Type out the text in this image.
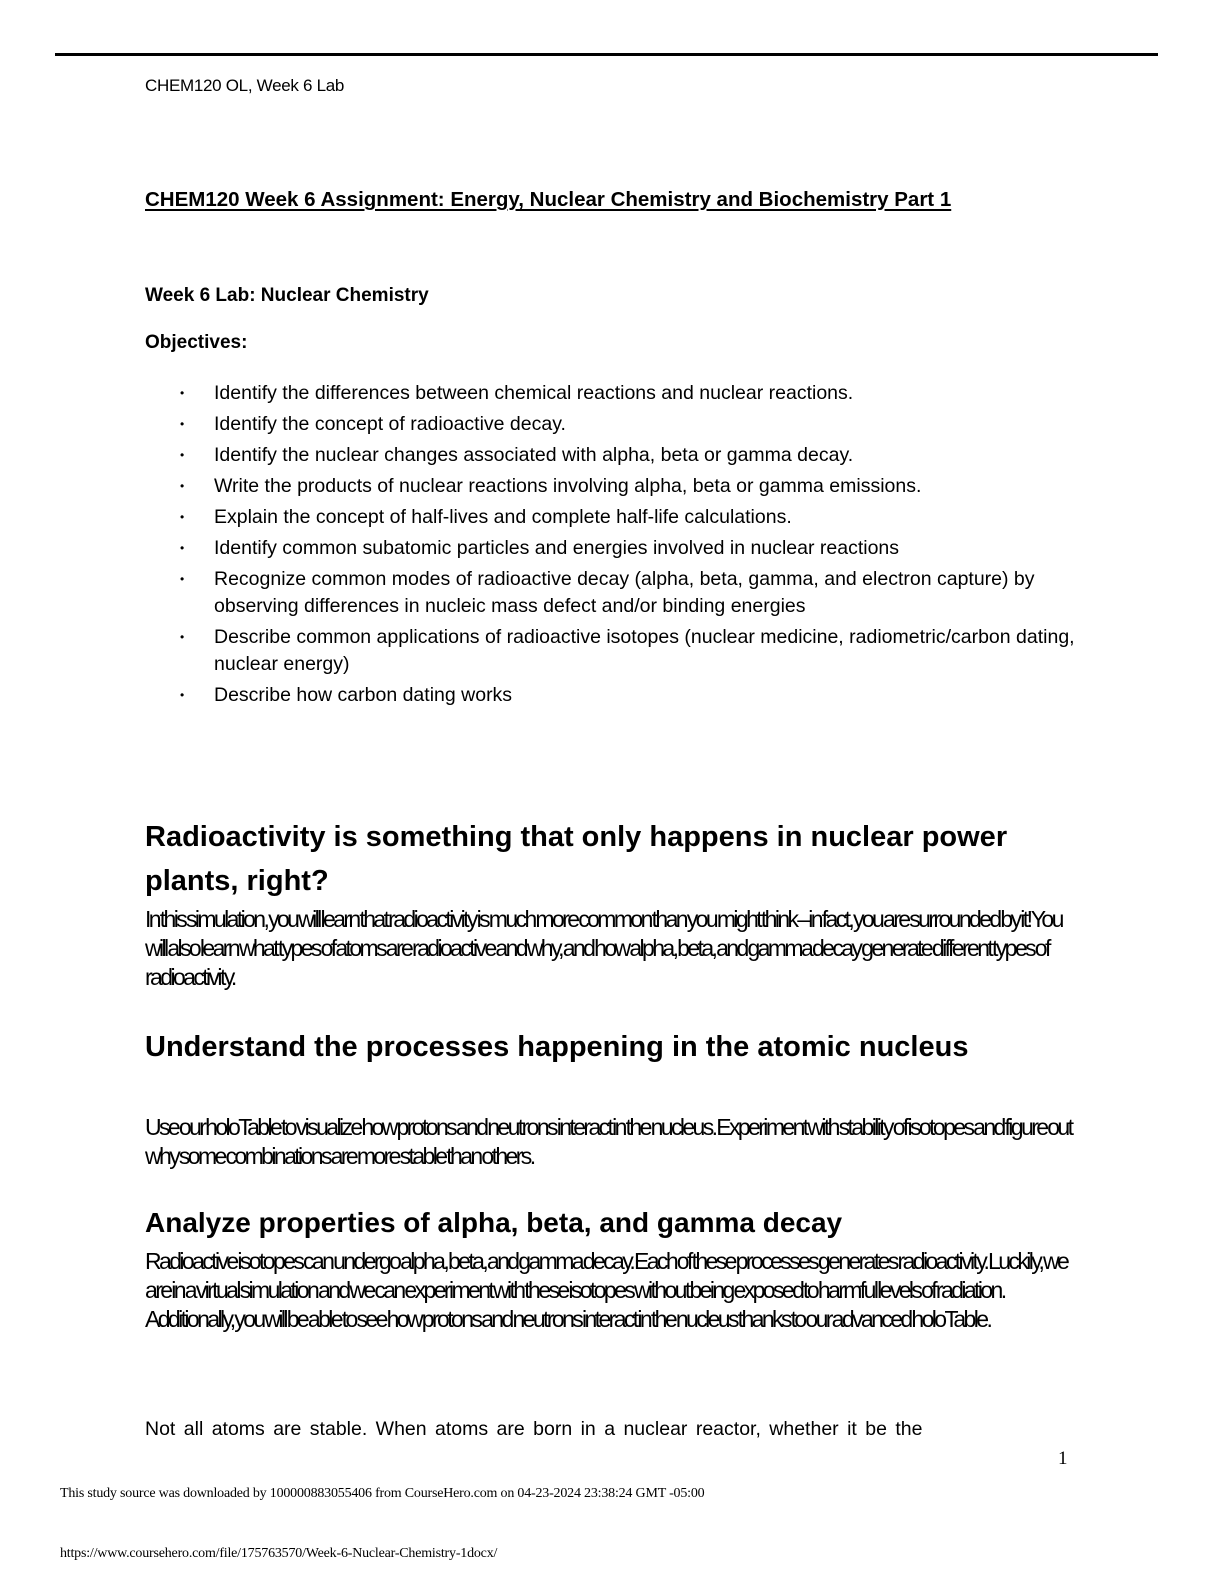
CHEM120 OL, Week 6 Lab
CHEM120 Week 6 Assignment: Energy, Nuclear Chemistry and Biochemistry Part 1
Week 6 Lab: Nuclear Chemistry
Objectives:
• Identify the differences between chemical reactions and nuclear reactions.
• Identify the concept of radioactive decay.
• Identify the nuclear changes associated with alpha, beta or gamma decay.
• Write the products of nuclear reactions involving alpha, beta or gamma emissions.
• Explain the concept of half-lives and complete half-life calculations.
• Identify common subatomic particles and energies involved in nuclear reactions
• Recognize common modes of radioactive decay (alpha, beta, gamma, and electron capture) by observing differences in nucleic mass defect and/or binding energies
• Describe common applications of radioactive isotopes (nuclear medicine, radiometric/carbon dating, nuclear energy)
• Describe how carbon dating works
Radioactivity is something that only happens in nuclear power plants, right?
In this simulation, you will learn that radioactivity is much more common than you might think – in fact, you are surrounded by it! You will also learn what types of atoms are radioactive and why, and how alpha, beta, and gamma decay generate different types of radioactivity.
Understand the processes happening in the atomic nucleus
Use our holoTable to visualize how protons and neutrons interact in the nucleus. Experiment with stability of isotopes and figure out why some combinations are more stable than others.
Analyze properties of alpha, beta, and gamma decay
Radioactive isotopes can undergo alpha, beta, and gamma decay. Each of these processes generates radioactivity. Luckily, we are in a virtual simulation and we can experiment with these isotopes without being exposed to harmful levels of radiation. Additionally, you will be able to see how protons and neutrons interact in the nucleus thanks to our advanced holoTable.
Not all atoms are stable. When atoms are born in a nuclear reactor, whether it be the
1
This study source was downloaded by 100000883055406 from CourseHero.com on 04-23-2024 23:38:24 GMT -05:00
https://www.coursehero.com/file/175763570/Week-6-Nuclear-Chemistry-1docx/
